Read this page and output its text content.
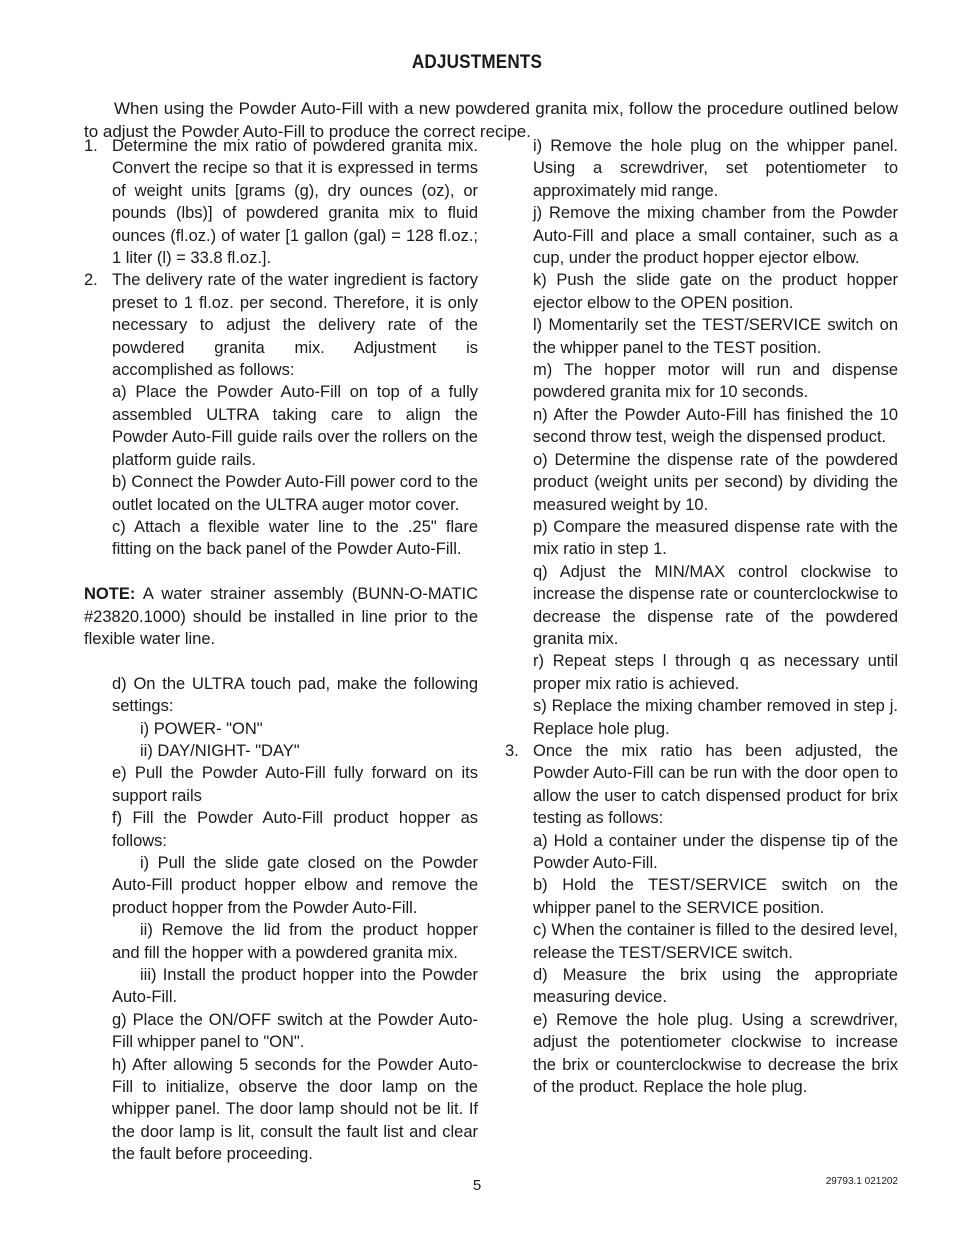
ADJUSTMENTS

When using the Powder Auto-Fill with a new powdered granita mix, follow the procedure outlined below to adjust the Powder Auto-Fill to produce the correct recipe.

1. Determine the mix ratio of powdered granita mix. Convert the recipe so that it is expressed in terms of weight units [grams (g), dry ounces (oz), or pounds (lbs)] of powdered granita mix to fluid ounces (fl.oz.) of water [1 gallon (gal) = 128 fl.oz.; 1 liter (l) = 33.8 fl.oz.].

2. The delivery rate of the water ingredient is factory preset to 1 fl.oz. per second. Therefore, it is only necessary to adjust the delivery rate of the powdered granita mix. Adjustment is accomplished as follows:

a) Place the Powder Auto-Fill on top of a fully assembled ULTRA taking care to align the Powder Auto-Fill guide rails over the rollers on the platform guide rails.

b) Connect the Powder Auto-Fill power cord to the outlet located on the ULTRA auger motor cover.

c) Attach a flexible water line to the .25" flare fitting on the back panel of the Powder Auto-Fill.

NOTE: A water strainer assembly (BUNN-O-MATIC #23820.1000) should be installed in line prior to the flexible water line.

d) On the ULTRA touch pad, make the following settings:

i) POWER- "ON"

ii) DAY/NIGHT- "DAY"

e) Pull the Powder Auto-Fill fully forward on its support rails

f) Fill the Powder Auto-Fill product hopper as follows:

i) Pull the slide gate closed on the Powder Auto-Fill product hopper elbow and remove the product hopper from the Powder Auto-Fill.

ii) Remove the lid from the product hopper and fill the hopper with a powdered granita mix.

iii) Install the product hopper into the Powder Auto-Fill.

g) Place the ON/OFF switch at the Powder Auto-Fill whipper panel to "ON".

h) After allowing 5 seconds for the Powder Auto-Fill to initialize, observe the door lamp on the whipper panel. The door lamp should not be lit. If the door lamp is lit, consult the fault list and clear the fault before proceeding.

i) Remove the hole plug on the whipper panel. Using a screwdriver, set potentiometer to approximately mid range.

j) Remove the mixing chamber from the Powder Auto-Fill and place a small container, such as a cup, under the product hopper ejector elbow.

k) Push the slide gate on the product hopper ejector elbow to the OPEN position.

l) Momentarily set the TEST/SERVICE switch on the whipper panel to the TEST position.

m) The hopper motor will run and dispense powdered granita mix for 10 seconds.

n) After the Powder Auto-Fill has finished the 10 second throw test, weigh the dispensed product.

o) Determine the dispense rate of the powdered product (weight units per second) by dividing the measured weight by 10.

p) Compare the measured dispense rate with the mix ratio in step 1.

q) Adjust the MIN/MAX control clockwise to increase the dispense rate or counterclockwise to decrease the dispense rate of the powdered granita mix.

r) Repeat steps l through q as necessary until proper mix ratio is achieved.

s) Replace the mixing chamber removed in step j. Replace hole plug.

3. Once the mix ratio has been adjusted, the Powder Auto-Fill can be run with the door open to allow the user to catch dispensed product for brix testing as follows:

a) Hold a container under the dispense tip of the Powder Auto-Fill.

b) Hold the TEST/SERVICE switch on the whipper panel to the SERVICE position.

c) When the container is filled to the desired level, release the TEST/SERVICE switch.

d) Measure the brix using the appropriate measuring device.

e) Remove the hole plug. Using a screwdriver, adjust the potentiometer clockwise to increase the brix or counterclockwise to decrease the brix of the product. Replace the hole plug.

5	29793.1 021202
